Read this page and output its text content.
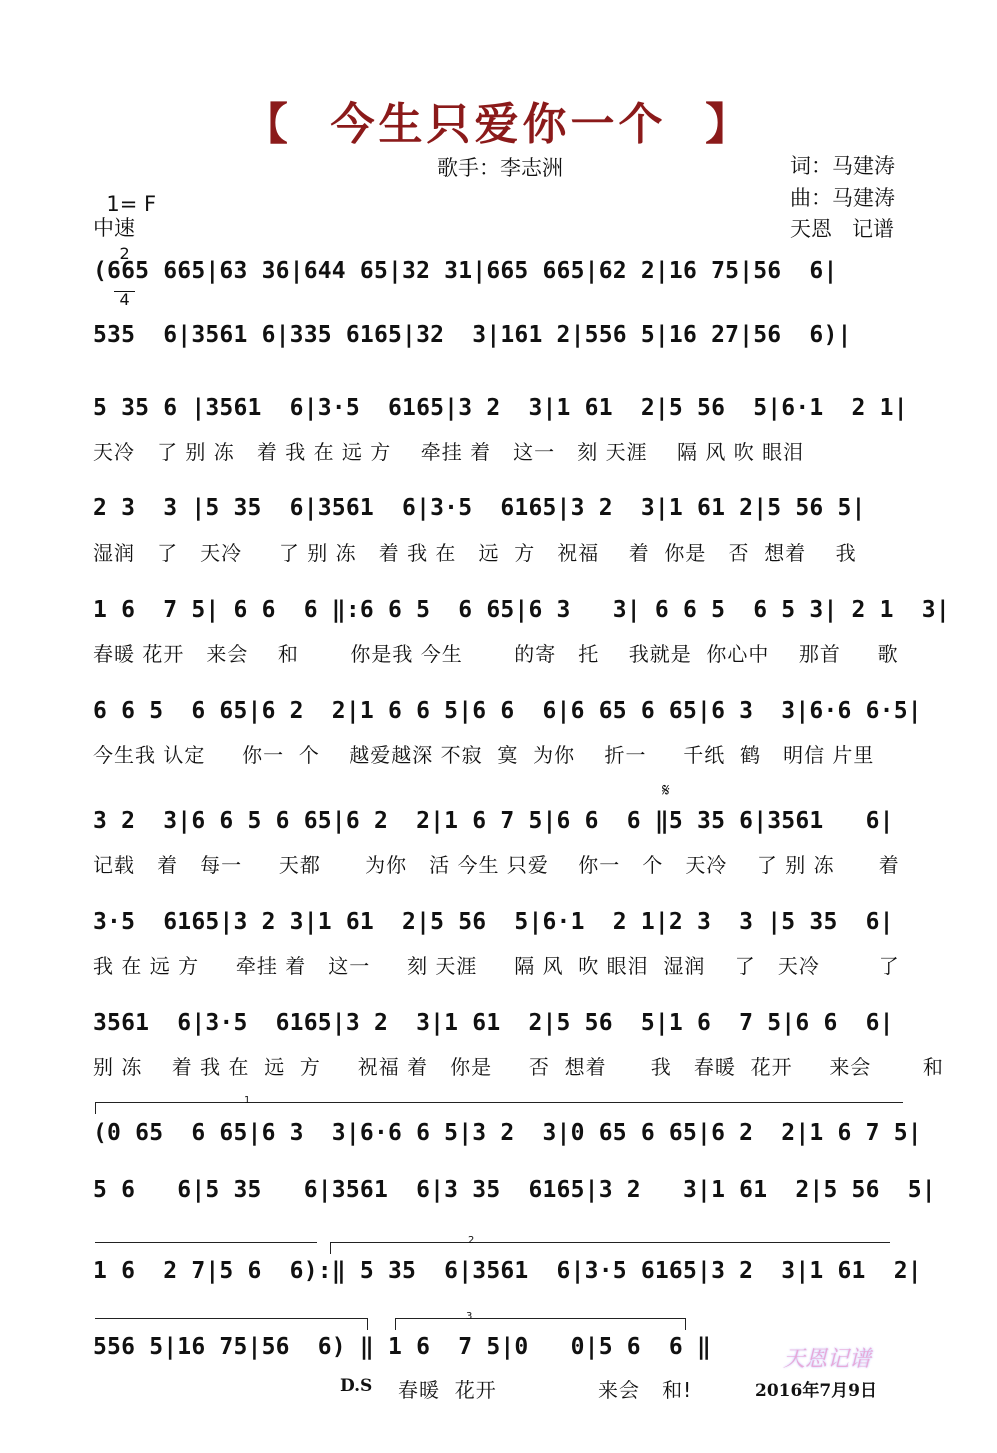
【  今生只爱你一个  】

1= F

$\frac{2}{4}$

中速
歌手：李志洲	词：马建涛
曲：马建涛
天恩   记谱
(665 665|63 36|644 65|32 31|665 665|62 2|16 75|56  6|
535  6|3561 6|335 6165|32  3|161 2|556 5|16 27|56  6)|
5 35 6 |3561  6|3·5  6165|3 2  3|1 61  2|5 56  5|6·1  2 1|
2 3  3 |5 35  6|3561  6|3·5  6165|3 2  3|1 61 2|5 56 5|
1 6  7 5| 6 6  6 ‖:6 6 5  6 65|6 3   3| 6 6 5  6 5 3| 2 1  3|
6 6 5  6 65|6 2  2|1 6 6 5|6 6  6|6 65 6 65|6 3  3|6·6 6·5|
3 2  3|6 6 5 6 65|6 2  2|1 6 7 5|6 6  6 ‖5 35 6|3561   6|
3·5  6165|3 2 3|1 61  2|5 56  5|6·1  2 1|2 3  3 |5 35  6|
3561  6|3·5  6165|3 2  3|1 61  2|5 56  5|1 6  7 5|6 6  6|
(0 65  6 65|6 3  3|6·6 6 5|3 2  3|0 65 6 65|6 2  2|1 6 7 5|
5 6   6|5 35   6|3561  6|3 35  6165|3 2   3|1 61  2|5 56  5|
1 6  2 7|5 6  6):‖ 5 35  6|3561  6|3·5 6165|3 2  3|1 61  2|
556 5|16 75|56  6) ‖ 1 6  7 5|0   0|5 6  6 ‖
天冷   了 别 冻   着 我 在 远 方    牵挂 着   这一   刻 天涯    隔 风 吹 眼泪
湿润   了   天冷     了 别 冻   着 我 在   远  方   祝福    着  你是   否  想着    我
春暖 花开   来会    和       你是我 今生       的寄   托    我就是  你心中    那首     歌
今生我 认定     你一  个    越爱越深 不寂  寞  为你    折一     千纸  鹤   明信 片里
记载   着   每一     天都      为你   活 今生 只爱    你一   个   天冷    了 别 冻      着
我 在 远 方     牵挂 着   这一     刻 天涯     隔 风  吹 眼泪  湿润    了   天冷        了
别 冻    着 我 在  远  方     祝福 着   你是     否  想着      我   春暖  花开     来会       和
𝄋
1
2
3
D.S 春暖  花开	来会   和!
天恩记谱
2016年7月9日
